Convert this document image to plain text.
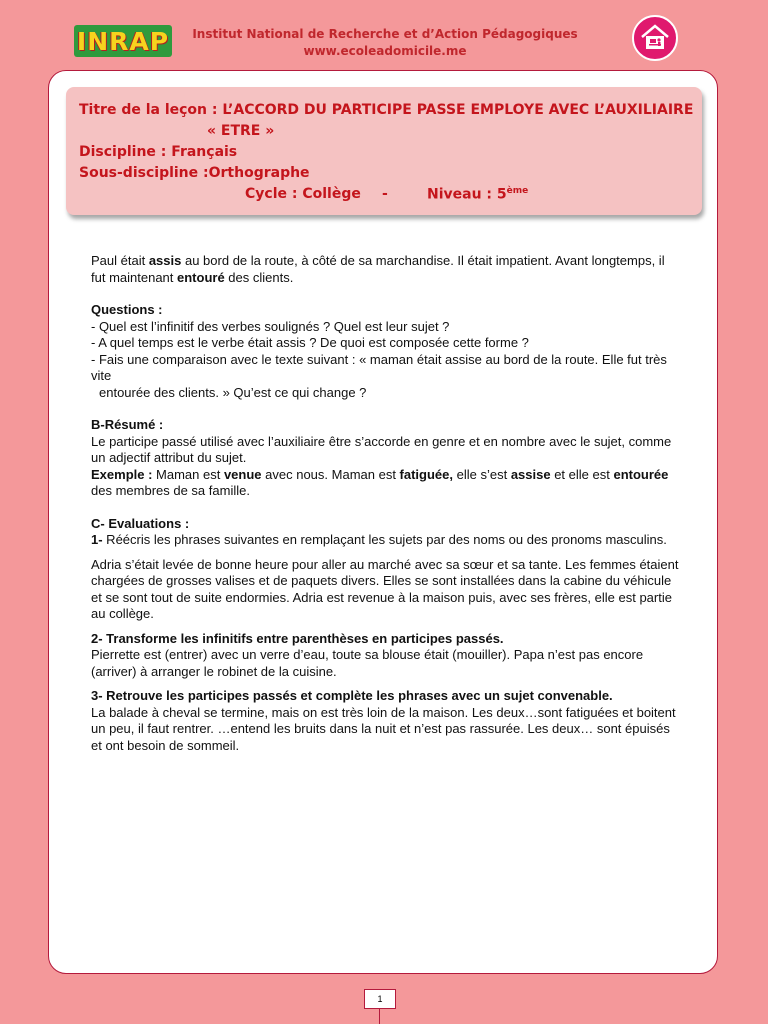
INRAP Institut National de Recherche et d’Action Pédagogiques
www.ecoleadomicile.me
Titre de la leçon : L’ACCORD DU PARTICIPE PASSE EMPLOYE AVEC L’AUXILIAIRE
« ETRE »
Discipline : Français
Sous-discipline :Orthographe
Cycle : Collège -	Niveau : 5ème

Paul était assis au bord de la route, à côté de sa marchandise. Il était impatient. Avant longtemps, il fut maintenant entouré des clients.

Questions :

- Quel est l’infinitif des verbes soulignés ? Quel est leur sujet ?

- A quel temps est le verbe était assis ? De quoi est composée cette forme ?

- Fais une comparaison avec le texte suivant : « maman était assise au bord de la route. Elle fut très vite

entourée des clients. » Qu’est ce qui change ?

B-Résumé :

Le participe passé utilisé avec l’auxiliaire être s’accorde en genre et en nombre avec le sujet, comme un adjectif attribut du sujet.

Exemple : Maman est venue avec nous. Maman est fatiguée, elle s’est assise et elle est entourée des membres de sa famille.

C- Evaluations :

1- Réécris les phrases suivantes en remplaçant les sujets par des noms ou des pronoms masculins.

Adria s’était levée de bonne heure pour aller au marché avec sa sœur et sa tante. Les femmes étaient chargées de grosses valises et de paquets divers. Elles se sont installées dans la cabine du véhicule et se sont tout de suite endormies. Adria est revenue à la maison puis, avec ses frères, elle est partie au collège.

2- Transforme les infinitifs entre parenthèses en participes passés.

Pierrette est (entrer) avec un verre d’eau, toute sa blouse était (mouiller). Papa n’est pas encore (arriver) à arranger le robinet de la cuisine.

3- Retrouve les participes passés et complète les phrases avec un sujet convenable.

La balade à cheval se termine, mais on est très loin de la maison. Les deux…sont fatiguées et boitent un peu, il faut rentrer. …entend les bruits dans la nuit et n’est pas rassurée. Les deux… sont épuisés et ont besoin de sommeil.

1
